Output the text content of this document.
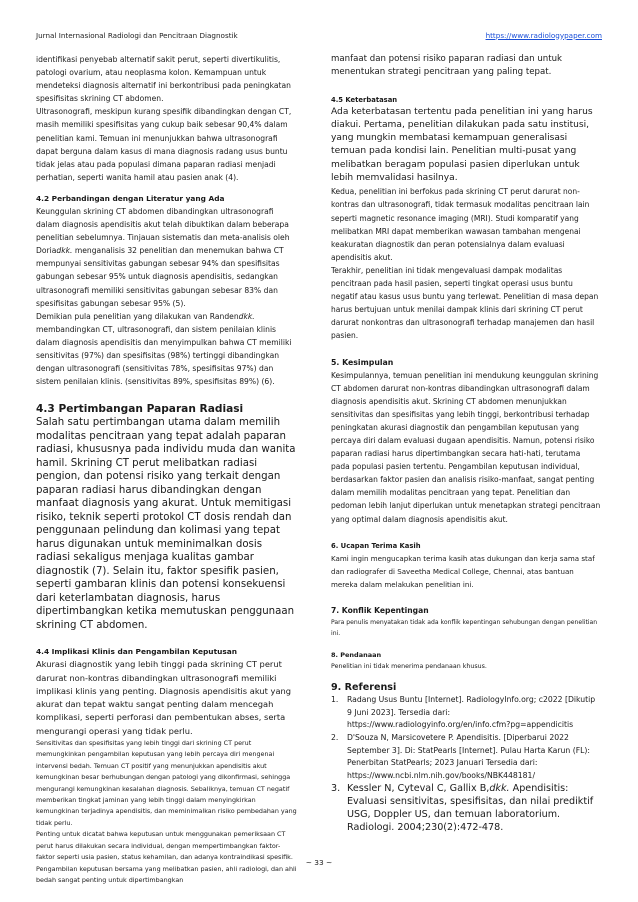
Jurnal Internasional Radiologi dan Pencitraan Diagnostik	https://www.radiologypaper.com

identifikasi penyebab alternatif sakit perut, seperti divertikulitis, patologi ovarium, atau neoplasma kolon. Kemampuan untuk mendeteksi diagnosis alternatif ini berkontribusi pada peningkatan spesifisitas skrining CT abdomen.

Ultrasonografi, meskipun kurang spesifik dibandingkan dengan CT, masih memiliki spesifisitas yang cukup baik sebesar 90,4% dalam penelitian kami. Temuan ini menunjukkan bahwa ultrasonografi dapat berguna dalam kasus di mana diagnosis radang usus buntu tidak jelas atau pada populasi dimana paparan radiasi menjadi perhatian, seperti wanita hamil atau pasien anak (4).

4.2 Perbandingan dengan Literatur yang Ada

Keunggulan skrining CT abdomen dibandingkan ultrasonografi dalam diagnosis apendisitis akut telah dibuktikan dalam beberapa penelitian sebelumnya. Tinjauan sistematis dan meta-analisis oleh Doriadkk. menganalisis 32 penelitian dan menemukan bahwa CT mempunyai sensitivitas gabungan sebesar 94% dan spesifisitas gabungan sebesar 95% untuk diagnosis apendisitis, sedangkan ultrasonografi memiliki sensitivitas gabungan sebesar 83% dan spesifisitas gabungan sebesar 95% (5).

Demikian pula penelitian yang dilakukan van Randendkk. membandingkan CT, ultrasonografi, dan sistem penilaian klinis dalam diagnosis apendisitis dan menyimpulkan bahwa CT memiliki sensitivitas (97%) dan spesifisitas (98%) tertinggi dibandingkan dengan ultrasonografi (sensitivitas 78%, spesifisitas 97%) dan sistem penilaian klinis. (sensitivitas 89%, spesifisitas 89%) (6).

4.3 Pertimbangan Paparan Radiasi

Salah satu pertimbangan utama dalam memilih modalitas pencitraan yang tepat adalah paparan radiasi, khususnya pada individu muda dan wanita hamil. Skrining CT perut melibatkan radiasi pengion, dan potensi risiko yang terkait dengan paparan radiasi harus dibandingkan dengan manfaat diagnosis yang akurat. Untuk memitigasi risiko, teknik seperti protokol CT dosis rendah dan penggunaan pelindung dan kolimasi yang tepat harus digunakan untuk meminimalkan dosis radiasi sekaligus menjaga kualitas gambar diagnostik (7). Selain itu, faktor spesifik pasien, seperti gambaran klinis dan potensi konsekuensi dari keterlambatan diagnosis, harus dipertimbangkan ketika memutuskan penggunaan skrining CT abdomen.

4.4 Implikasi Klinis dan Pengambilan Keputusan

Akurasi diagnostik yang lebih tinggi pada skrining CT perut darurat non-kontras dibandingkan ultrasonografi memiliki implikasi klinis yang penting. Diagnosis apendisitis akut yang akurat dan tepat waktu sangat penting dalam mencegah komplikasi, seperti perforasi dan pembentukan abses, serta mengurangi operasi yang tidak perlu.

Sensitivitas dan spesifisitas yang lebih tinggi dari skrining CT perut memungkinkan pengambilan keputusan yang lebih percaya diri mengenai intervensi bedah. Temuan CT positif yang menunjukkan apendisitis akut kemungkinan besar berhubungan dengan patologi yang dikonfirmasi, sehingga mengurangi kemungkinan kesalahan diagnosis. Sebaliknya, temuan CT negatif memberikan tingkat jaminan yang lebih tinggi dalam menyingkirkan kemungkinan terjadinya apendisitis, dan meminimalkan risiko pembedahan yang tidak perlu.

Penting untuk dicatat bahwa keputusan untuk menggunakan pemeriksaan CT perut harus dilakukan secara individual, dengan mempertimbangkan faktor-faktor seperti usia pasien, status kehamilan, dan adanya kontraindikasi spesifik. Pengambilan keputusan bersama yang melibatkan pasien, ahli radiologi, dan ahli bedah sangat penting untuk dipertimbangkan

manfaat dan potensi risiko paparan radiasi dan untuk menentukan strategi pencitraan yang paling tepat.

4.5 Keterbatasan

Ada keterbatasan tertentu pada penelitian ini yang harus diakui. Pertama, penelitian dilakukan pada satu institusi, yang mungkin membatasi kemampuan generalisasi temuan pada kondisi lain. Penelitian multi-pusat yang melibatkan beragam populasi pasien diperlukan untuk lebih memvalidasi hasilnya.

Kedua, penelitian ini berfokus pada skrining CT perut darurat non-kontras dan ultrasonografi, tidak termasuk modalitas pencitraan lain seperti magnetic resonance imaging (MRI). Studi komparatif yang melibatkan MRI dapat memberikan wawasan tambahan mengenai keakuratan diagnostik dan peran potensialnya dalam evaluasi apendisitis akut.

Terakhir, penelitian ini tidak mengevaluasi dampak modalitas pencitraan pada hasil pasien, seperti tingkat operasi usus buntu negatif atau kasus usus buntu yang terlewat. Penelitian di masa depan harus bertujuan untuk menilai dampak klinis dari skrining CT perut darurat nonkontras dan ultrasonografi terhadap manajemen dan hasil pasien.

5. Kesimpulan

Kesimpulannya, temuan penelitian ini mendukung keunggulan skrining CT abdomen darurat non-kontras dibandingkan ultrasonografi dalam diagnosis apendisitis akut. Skrining CT abdomen menunjukkan sensitivitas dan spesifisitas yang lebih tinggi, berkontribusi terhadap peningkatan akurasi diagnostik dan pengambilan keputusan yang percaya diri dalam evaluasi dugaan apendisitis. Namun, potensi risiko paparan radiasi harus dipertimbangkan secara hati-hati, terutama pada populasi pasien tertentu. Pengambilan keputusan individual, berdasarkan faktor pasien dan analisis risiko-manfaat, sangat penting dalam memilih modalitas pencitraan yang tepat. Penelitian dan pedoman lebih lanjut diperlukan untuk menetapkan strategi pencitraan yang optimal dalam diagnosis apendisitis akut.

6. Ucapan Terima Kasih

Kami ingin mengucapkan terima kasih atas dukungan dan kerja sama staf dan radiografer di Saveetha Medical College, Chennai, atas bantuan mereka dalam melakukan penelitian ini.

7. Konflik Kepentingan

Para penulis menyatakan tidak ada konflik kepentingan sehubungan dengan penelitian ini.

8. Pendanaan

Penelitian ini tidak menerima pendanaan khusus.

9. Referensi
1. Radang Usus Buntu [Internet]. RadiologyInfo.org; c2022 [Dikutip 9 Juni 2023]. Tersedia dari: https://www.radiologyinfo.org/en/info.cfm?pg=appendicitis
2. D'Souza N, Marsicovetere P. Apendisitis. [Diperbarui 2022 September 3]. Di: StatPearls [Internet]. Pulau Harta Karun (FL): Penerbitan StatPearls; 2023 Januari Tersedia dari: https://www.ncbi.nlm.nih.gov/books/NBK448181/
3. Kessler N, Cyteval C, Gallix B,dkk. Apendisitis: Evaluasi sensitivitas, spesifisitas, dan nilai prediktif USG, Doppler US, dan temuan laboratorium. Radiologi. 2004;230(2):472-478.
~ 33 ~
